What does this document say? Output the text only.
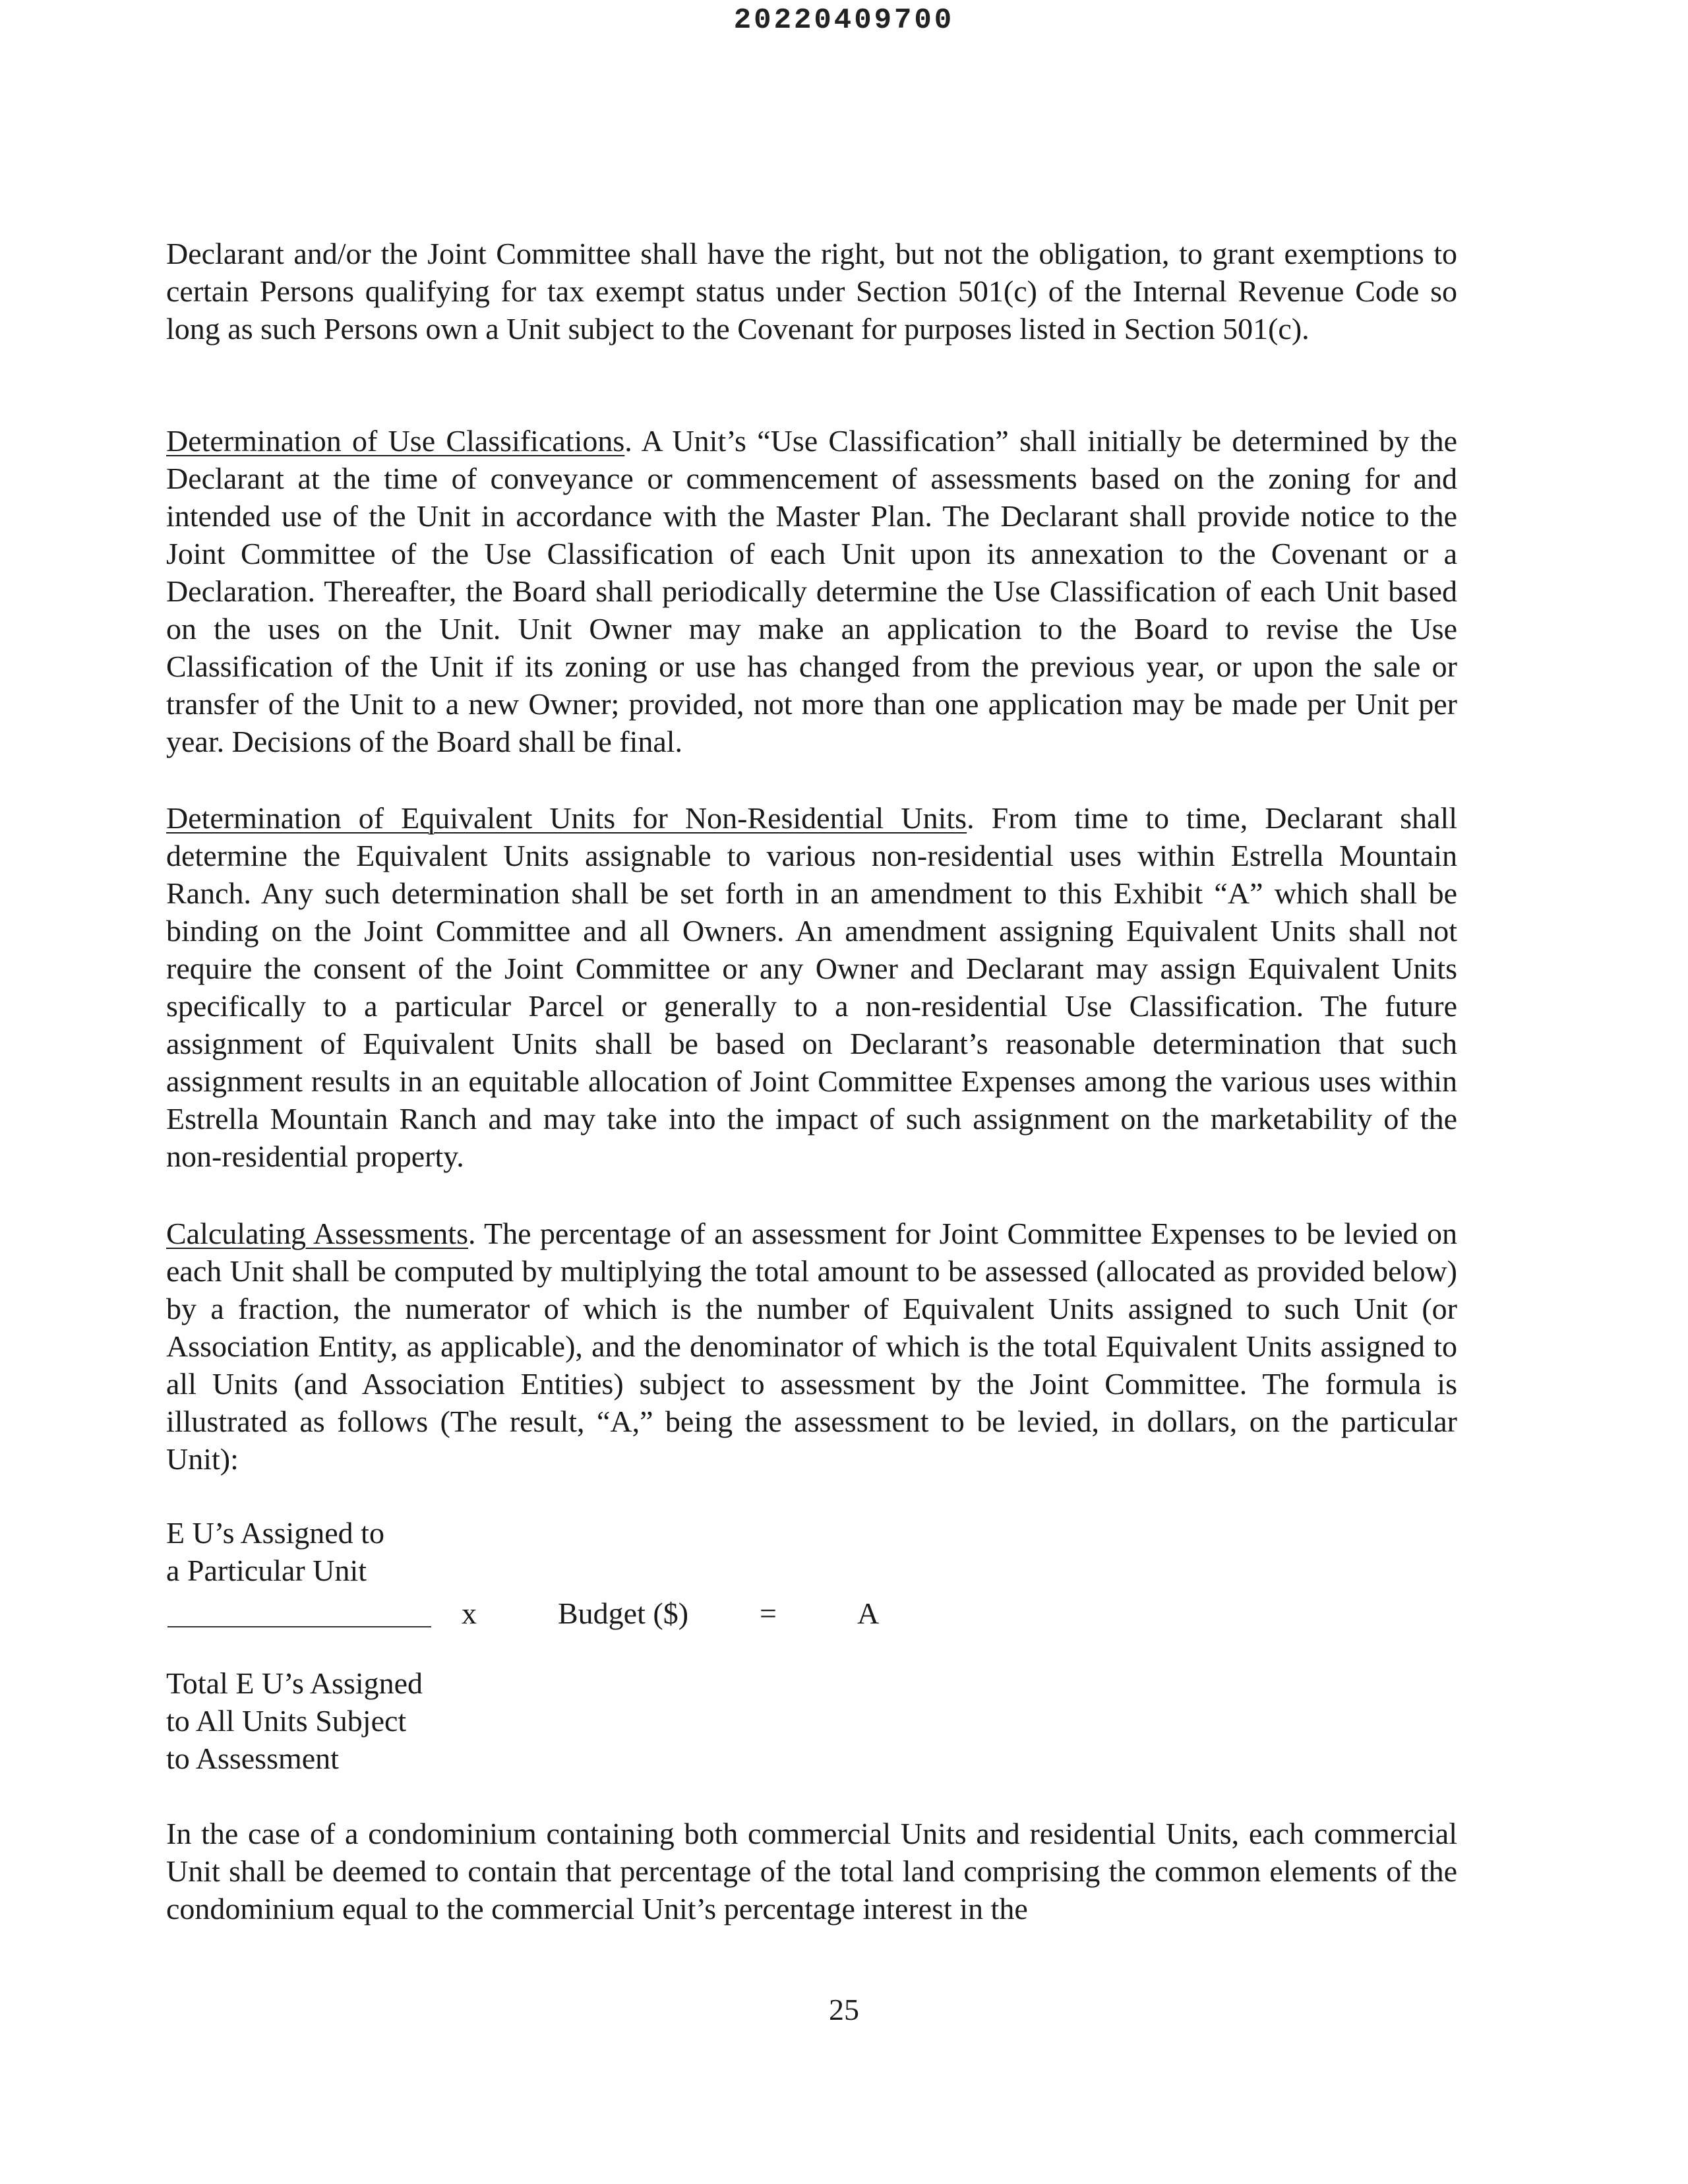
20220409700

Declarant and/or the Joint Committee shall have the right, but not the obligation, to grant exemptions to certain Persons qualifying for tax exempt status under Section 501(c) of the Internal Revenue Code so long as such Persons own a Unit subject to the Covenant for purposes listed in Section 501(c).

Determination of Use Classifications. A Unit’s “Use Classification” shall initially be determined by the Declarant at the time of conveyance or commencement of assessments based on the zoning for and intended use of the Unit in accordance with the Master Plan. The Declarant shall provide notice to the Joint Committee of the Use Classification of each Unit upon its annexation to the Covenant or a Declaration. Thereafter, the Board shall periodically determine the Use Classification of each Unit based on the uses on the Unit. Unit Owner may make an application to the Board to revise the Use Classification of the Unit if its zoning or use has changed from the previous year, or upon the sale or transfer of the Unit to a new Owner; provided, not more than one application may be made per Unit per year. Decisions of the Board shall be final.

Determination of Equivalent Units for Non-Residential Units. From time to time, Declarant shall determine the Equivalent Units assignable to various non-residential uses within Estrella Mountain Ranch. Any such determination shall be set forth in an amendment to this Exhibit “A” which shall be binding on the Joint Committee and all Owners. An amendment assigning Equivalent Units shall not require the consent of the Joint Committee or any Owner and Declarant may assign Equivalent Units specifically to a particular Parcel or generally to a non-residential Use Classification. The future assignment of Equivalent Units shall be based on Declarant’s reasonable determination that such assignment results in an equitable allocation of Joint Committee Expenses among the various uses within Estrella Mountain Ranch and may take into the impact of such assignment on the marketability of the non-residential property.

Calculating Assessments. The percentage of an assessment for Joint Committee Expenses to be levied on each Unit shall be computed by multiplying the total amount to be assessed (allocated as provided below) by a fraction, the numerator of which is the number of Equivalent Units assigned to such Unit (or Association Entity, as applicable), and the denominator of which is the total Equivalent Units assigned to all Units (and Association Entities) subject to assessment by the Joint Committee. The formula is illustrated as follows (The result, “A,” being the assessment to be levied, in dollars, on the particular Unit):

E U’s Assigned to

a Particular Unit

x	Budget ($) =	A

Total E U’s Assigned

to All Units Subject

to Assessment

In the case of a condominium containing both commercial Units and residential Units, each commercial Unit shall be deemed to contain that percentage of the total land comprising the common elements of the condominium equal to the commercial Unit’s percentage interest in the

25
